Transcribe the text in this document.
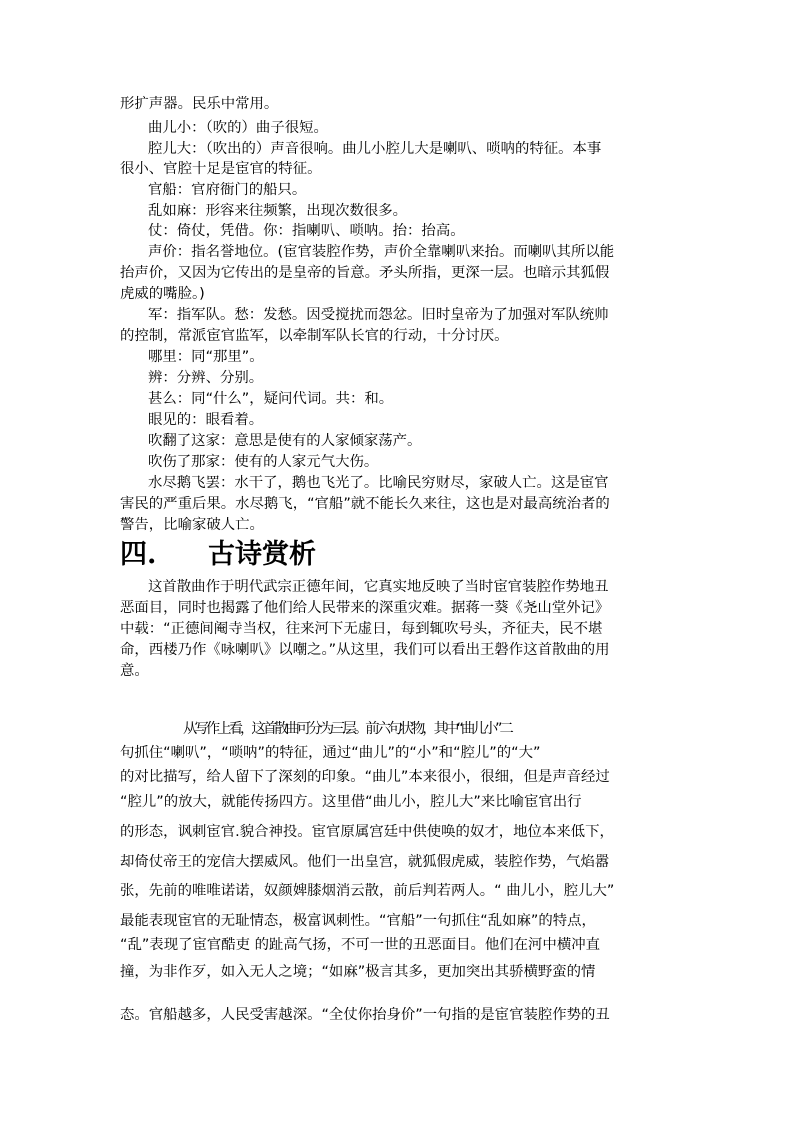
形扩声器。民乐中常用。
曲儿小：（吹的）曲子很短。
腔儿大：（吹出的）声音很响。曲儿小腔儿大是喇叭、唢呐的特征。本事
很小、官腔十足是宦官的特征。
官船：官府衙门的船只。
乱如麻：形容来往频繁，出现次数很多。
仗：倚仗，凭借。你：指喇叭、唢呐。抬：抬高。
声价：指名誉地位。(宦官装腔作势，声价全靠喇叭来抬。而喇叭其所以能
抬声价，又因为它传出的是皇帝的旨意。矛头所指，更深一层。也暗示其狐假
虎威的嘴脸。)
军：指军队。愁：发愁。因受搅扰而怨忿。旧时皇帝为了加强对军队统帅
的控制，常派宦官监军，以牵制军队长官的行动，十分讨厌。
哪里：同“那里”。
辨：分辨、分别。
甚么：同“什么”，疑问代词。共：和。
眼见的：眼看着。
吹翻了这家：意思是使有的人家倾家荡产。
吹伤了那家：使有的人家元气大伤。
水尽鹅飞罢：水干了，鹅也飞光了。比喻民穷财尽，家破人亡。这是宦官
害民的严重后果。水尽鹅飞，“官船”就不能长久来往，这也是对最高统治者的
警告，比喻家破人亡。
四. 古诗赏析
这首散曲作于明代武宗正德年间，它真实地反映了当时宦官装腔作势地丑
恶面目，同时也揭露了他们给人民带来的深重灾难。据蒋一葵《尧山堂外记》
中载：“正德间阉寺当权，往来河下无虚日，每到辄吹号头，齐征夫，民不堪
命，西楼乃作《咏喇叭》以嘲之。”从这里，我们可以看出王磐作这首散曲的用
意。
从写作上看，这首散曲可分为三层。前六句状物，其中“曲儿小”二
句抓住“喇叭”，“唢呐”的特征，通过“曲儿”的“小”和“腔儿”的“大”
的对比描写，给人留下了深刻的印象。“曲儿”本来很小，很细，但是声音经过
“腔儿”的放大，就能传扬四方。这里借“曲儿小，腔儿大”来比喻宦官出行
的形态，讽刺宦官.貌合神投。宦官原属宫廷中供使唤的奴才，地位本来低下，
却倚仗帝王的宠信大摆威风。他们一出皇宫，就狐假虎威，装腔作势，气焰嚣
张，先前的唯唯诺诺，奴颜婢膝烟消云散，前后判若两人。“ 曲儿小，腔儿大”
最能表现宦官的无耻情态，极富讽刺性。“官船”一句抓住“乱如麻”的特点，
“乱”表现了宦官酷吏 的趾高气扬，不可一世的丑恶面目。他们在河中横冲直
撞，为非作歹，如入无人之境；“如麻”极言其多，更加突出其骄横野蛮的情
态。官船越多，人民受害越深。“全仗你抬身价”一句指的是宦官装腔作势的丑
